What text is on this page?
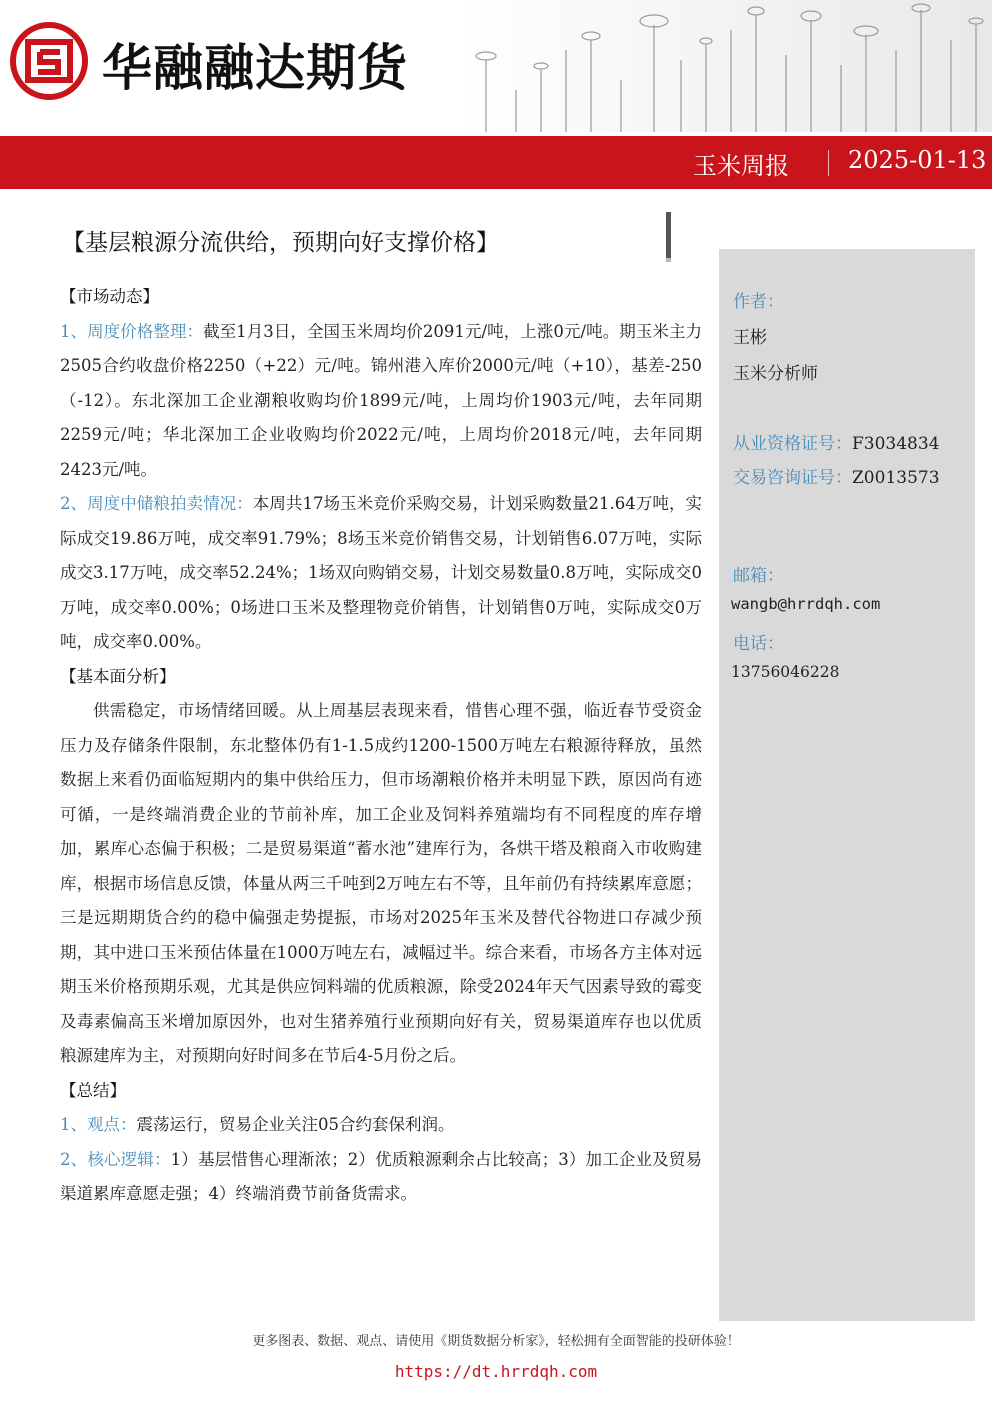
华融融达期货
玉米周报 2025-01-13
【基层粮源分流供给，预期向好支撑价格】

【市场动态】

1、周度价格整理：截至1月3日，全国玉米周均价2091元/吨，上涨0元/吨。期玉米主力2505合约收盘价格2250（+22）元/吨。锦州港入库价2000元/吨（+10），基差-250（-12）。东北深加工企业潮粮收购均价1899元/吨，上周均价1903元/吨，去年同期2259元/吨；华北深加工企业收购均价2022元/吨，上周均价2018元/吨，去年同期2423元/吨。

2、周度中储粮拍卖情况：本周共17场玉米竞价采购交易，计划采购数量21.64万吨，实际成交19.86万吨，成交率91.79%；8场玉米竞价销售交易，计划销售6.07万吨，实际成交3.17万吨，成交率52.24%；1场双向购销交易，计划交易数量0.8万吨，实际成交0万吨，成交率0.00%；0场进口玉米及整理物竞价销售，计划销售0万吨，实际成交0万吨，成交率0.00%。

【基本面分析】

供需稳定，市场情绪回暖。从上周基层表现来看，惜售心理不强，临近春节受资金压力及存储条件限制，东北整体仍有1-1.5成约1200-1500万吨左右粮源待释放，虽然数据上来看仍面临短期内的集中供给压力，但市场潮粮价格并未明显下跌，原因尚有迹可循，一是终端消费企业的节前补库，加工企业及饲料养殖端均有不同程度的库存增加，累库心态偏于积极；二是贸易渠道“蓄水池”建库行为，各烘干塔及粮商入市收购建库，根据市场信息反馈，体量从两三千吨到2万吨左右不等，且年前仍有持续累库意愿；三是远期期货合约的稳中偏强走势提振，市场对2025年玉米及替代谷物进口存减少预期，其中进口玉米预估体量在1000万吨左右，减幅过半。综合来看，市场各方主体对远期玉米价格预期乐观，尤其是供应饲料端的优质粮源，除受2024年天气因素导致的霉变及毒素偏高玉米增加原因外，也对生猪养殖行业预期向好有关，贸易渠道库存也以优质粮源建库为主，对预期向好时间多在节后4-5月份之后。

【总结】

1、观点：震荡运行，贸易企业关注05合约套保利润。

2、核心逻辑：1）基层惜售心理渐浓；2）优质粮源剩余占比较高；3）加工企业及贸易渠道累库意愿走强；4）终端消费节前备货需求。

作者：
王彬
玉米分析师
从业资格证号：F3034834
交易咨询证号：Z0013573
邮箱：
wangb@hrrdqh.com
电话：
13756046228
更多图表、数据、观点、请使用《期货数据分析家》，轻松拥有全面智能的投研体验！
https://dt.hrrdqh.com
